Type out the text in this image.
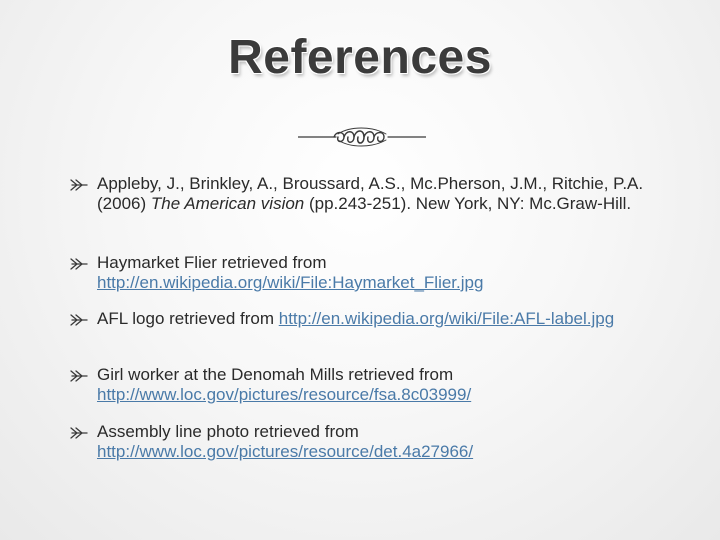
References
Appleby, J., Brinkley, A., Broussard, A.S., Mc.Pherson, J.M., Ritchie, P.A. (2006) The American vision (pp.243-251). New York, NY: Mc.Graw-Hill.
Haymarket Flier retrieved from http://en.wikipedia.org/wiki/File:Haymarket_Flier.jpg
AFL logo retrieved from http://en.wikipedia.org/wiki/File:AFL-label.jpg
Girl worker at the Denomah Mills retrieved from http://www.loc.gov/pictures/resource/fsa.8c03999/
Assembly line photo retrieved from http://www.loc.gov/pictures/resource/det.4a27966/
